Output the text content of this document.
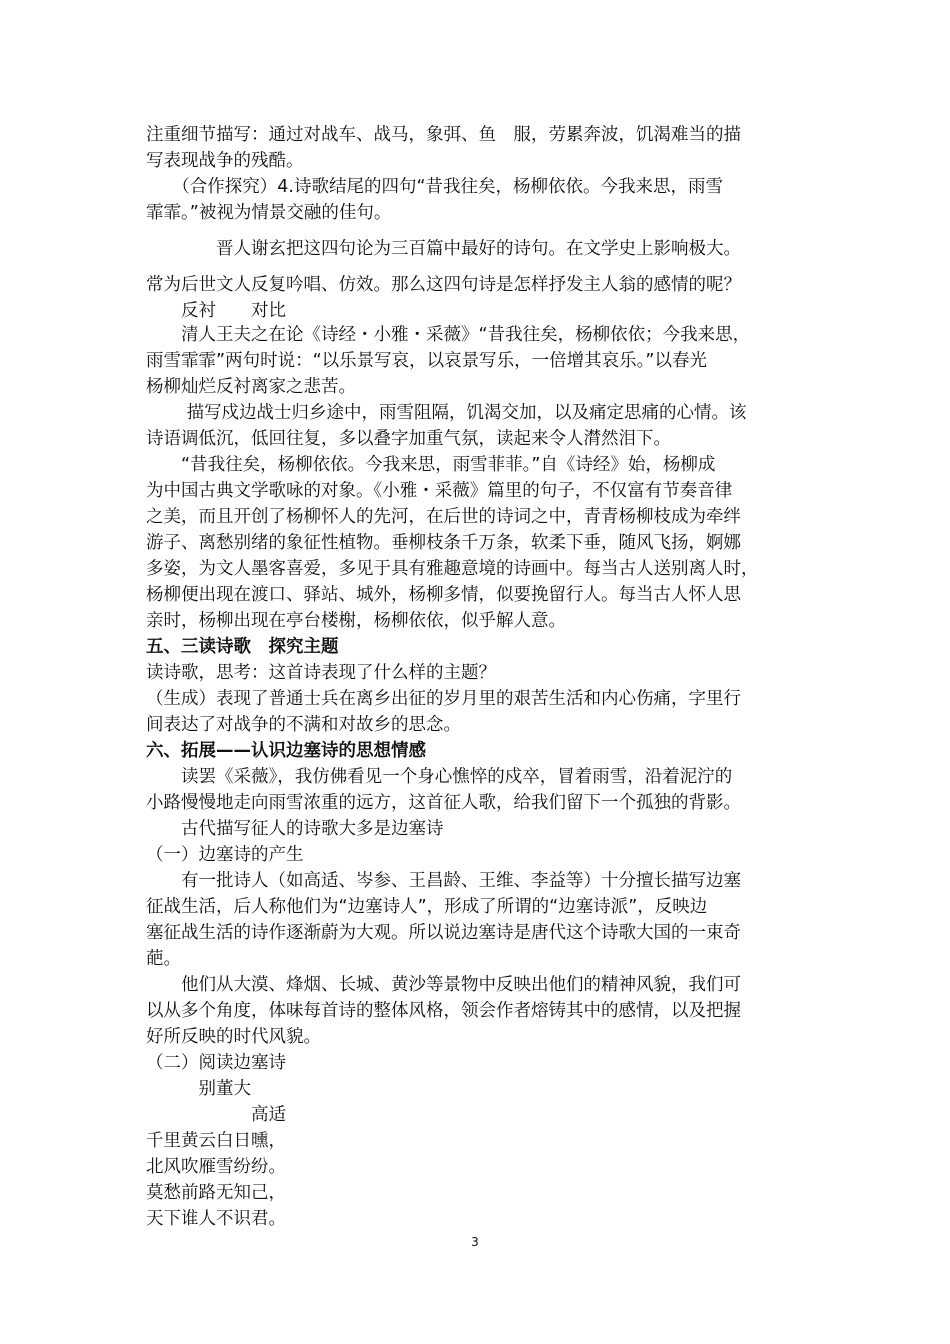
注重细节描写：通过对战车、战马，象弭、鱼　服，劳累奔波，饥渴难当的描
写表现战争的残酷。
　　（合作探究）4.诗歌结尾的四句“昔我往矣，杨柳依依。今我来思，雨雪
霏霏。”被视为情景交融的佳句。
　　　　晋人谢玄把这四句论为三百篇中最好的诗句。在文学史上影响极大。
常为后世文人反复吟唱、仿效。那么这四句诗是怎样抒发主人翁的感情的呢？
　　反衬　　对比
　　清人王夫之在论《诗经・小雅・采薇》“昔我往矣，杨柳依依；今我来思，
雨雪霏霏”两句时说：“以乐景写哀，以哀景写乐，一倍增其哀乐。”以春光
杨柳灿烂反衬离家之悲苦。
　　 描写戍边战士归乡途中，雨雪阻隔，饥渴交加，以及痛定思痛的心情。该
诗语调低沉，低回往复，多以叠字加重气氛，读起来令人潸然泪下。
　　“昔我往矣，杨柳依依。今我来思，雨雪菲菲。”自《诗经》始，杨柳成
为中国古典文学歌咏的对象。《小雅・采薇》篇里的句子，不仅富有节奏音律
之美，而且开创了杨柳怀人的先河，在后世的诗词之中，青青杨柳枝成为牵绊
游子、离愁别绪的象征性植物。垂柳枝条千万条，软柔下垂，随风飞扬，婀娜
多姿，为文人墨客喜爱，多见于具有雅趣意境的诗画中。每当古人送别离人时，
杨柳便出现在渡口、驿站、城外，杨柳多情，似要挽留行人。每当古人怀人思
亲时，杨柳出现在亭台楼榭，杨柳依依，似乎解人意。
五、三读诗歌　探究主题
读诗歌，思考：这首诗表现了什么样的主题？
（生成）表现了普通士兵在离乡出征的岁月里的艰苦生活和内心伤痛，字里行
间表达了对战争的不满和对故乡的思念。
六、拓展——认识边塞诗的思想情感
　　读罢《采薇》，我仿佛看见一个身心憔悴的戍卒，冒着雨雪，沿着泥泞的
小路慢慢地走向雨雪浓重的远方，这首征人歌，给我们留下一个孤独的背影。
　　古代描写征人的诗歌大多是边塞诗
（一）边塞诗的产生
　　有一批诗人（如高适、岑参、王昌龄、王维、李益等）十分擅长描写边塞
征战生活，后人称他们为“边塞诗人”，形成了所谓的“边塞诗派”，反映边
塞征战生活的诗作逐渐蔚为大观。所以说边塞诗是唐代这个诗歌大国的一束奇
葩。
　　他们从大漠、烽烟、长城、黄沙等景物中反映出他们的精神风貌，我们可
以从多个角度，体味每首诗的整体风格，领会作者熔铸其中的感情，以及把握
好所反映的时代风貌。
（二）阅读边塞诗
　　　别董大
　　　　　　高适
千里黄云白日曛，
北风吹雁雪纷纷。
莫愁前路无知己，
天下谁人不识君。
3
